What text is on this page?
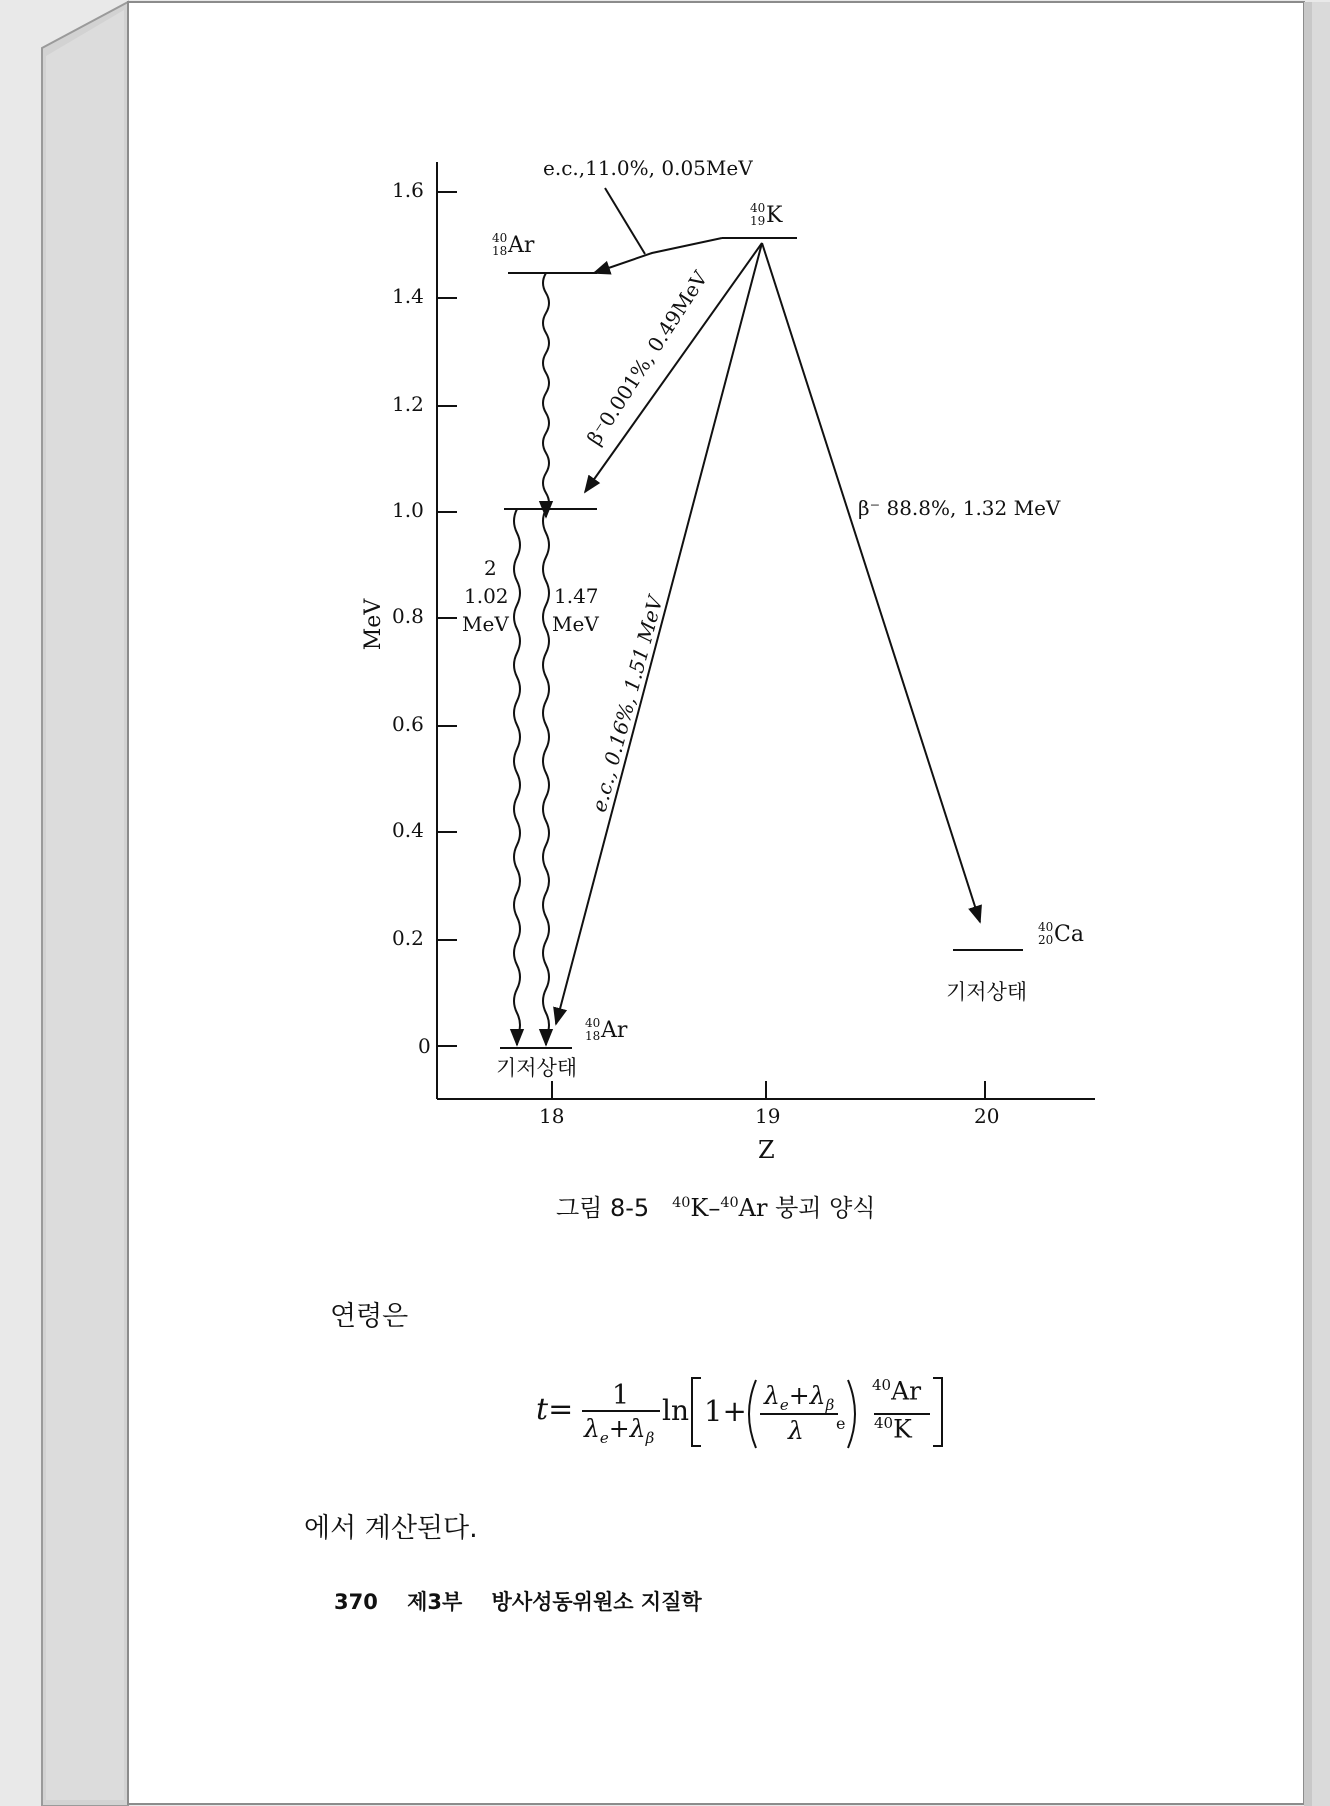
1.6
1.4
1.2
1.0
0.8
0.6
0.4
0.2
0
MeV
18	19	20
Z
40
19 K
40
18 Ar
40
18 Ar
40
20 Ca
기저상태
기저상태
e.c.,11.0%, 0.05MeV
β⁻0.001%, 0.49MeV
β⁻ 88.8%, 1.32 MeV
e.c., 0.16%, 1.51 MeV
1.47
MeV
2
1.02
MeV
그림 8-5 $^{40}$K–$^{40}$Ar 붕괴 양식
연령은
t= 1
$\lambda_e+\lambda_\beta$
$\ln 1+ \lambda_e+\lambda_\beta$
λ e
$^{40}$Ar
$^{40}$K
에서 계산된다.
370 제3부 방사성동위원소 지질학
